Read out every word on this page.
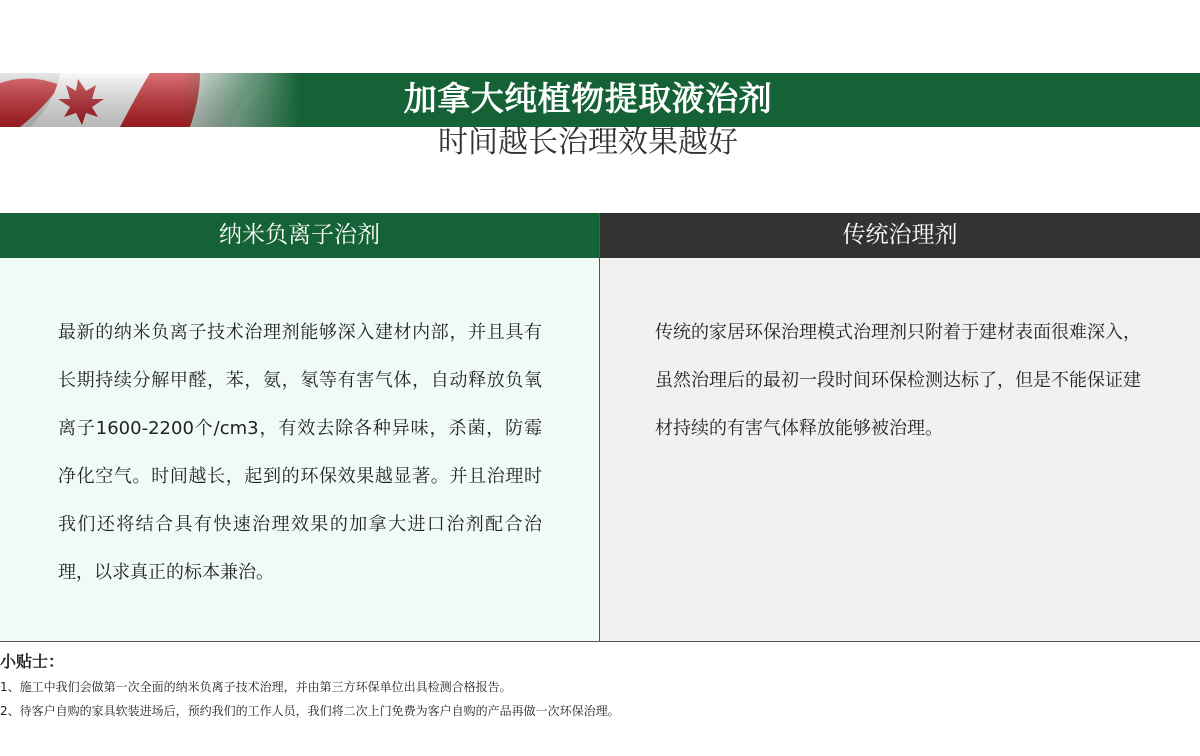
加拿大纯植物提取液治剂
时间越长治理效果越好
纳米负离子治剂
最新的纳米负离子技术治理剂能够深入建材内部，并且具有长期持续分解甲醛，苯，氨，氡等有害气体，自动释放负氧离子1600-2200个/cm3，有效去除各种异味，杀菌，防霉净化空气。时间越长，起到的环保效果越显著。并且治理时我们还将结合具有快速治理效果的加拿大进口治剂配合治理，以求真正的标本兼治。
传统治理剂
传统的家居环保治理模式治理剂只附着于建材表面很难深入，虽然治理后的最初一段时间环保检测达标了，但是不能保证建材持续的有害气体释放能够被治理。
小贴士：
1、施工中我们会做第一次全面的纳米负离子技术治理，并由第三方环保单位出具检测合格报告。
2、待客户自购的家具软装进场后，预约我们的工作人员，我们将二次上门免费为客户自购的产品再做一次环保治理。
